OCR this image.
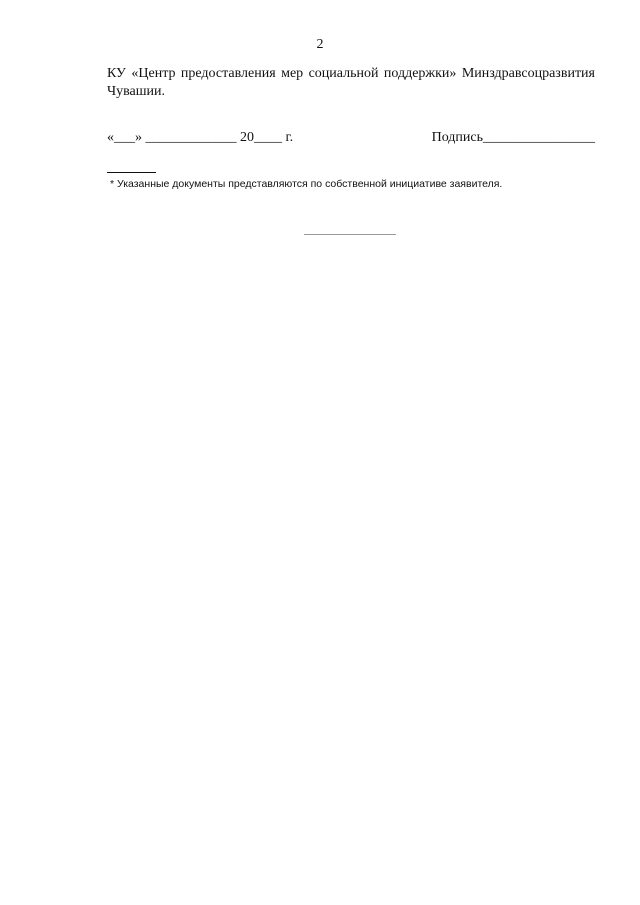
2

КУ «Центр предоставления мер социальной поддержки» Минздравсоцразвития Чувашии.

«___» _____________ 20____ г.	Подпись________________
* Указанные документы представляются по собственной инициативе заявителя.
